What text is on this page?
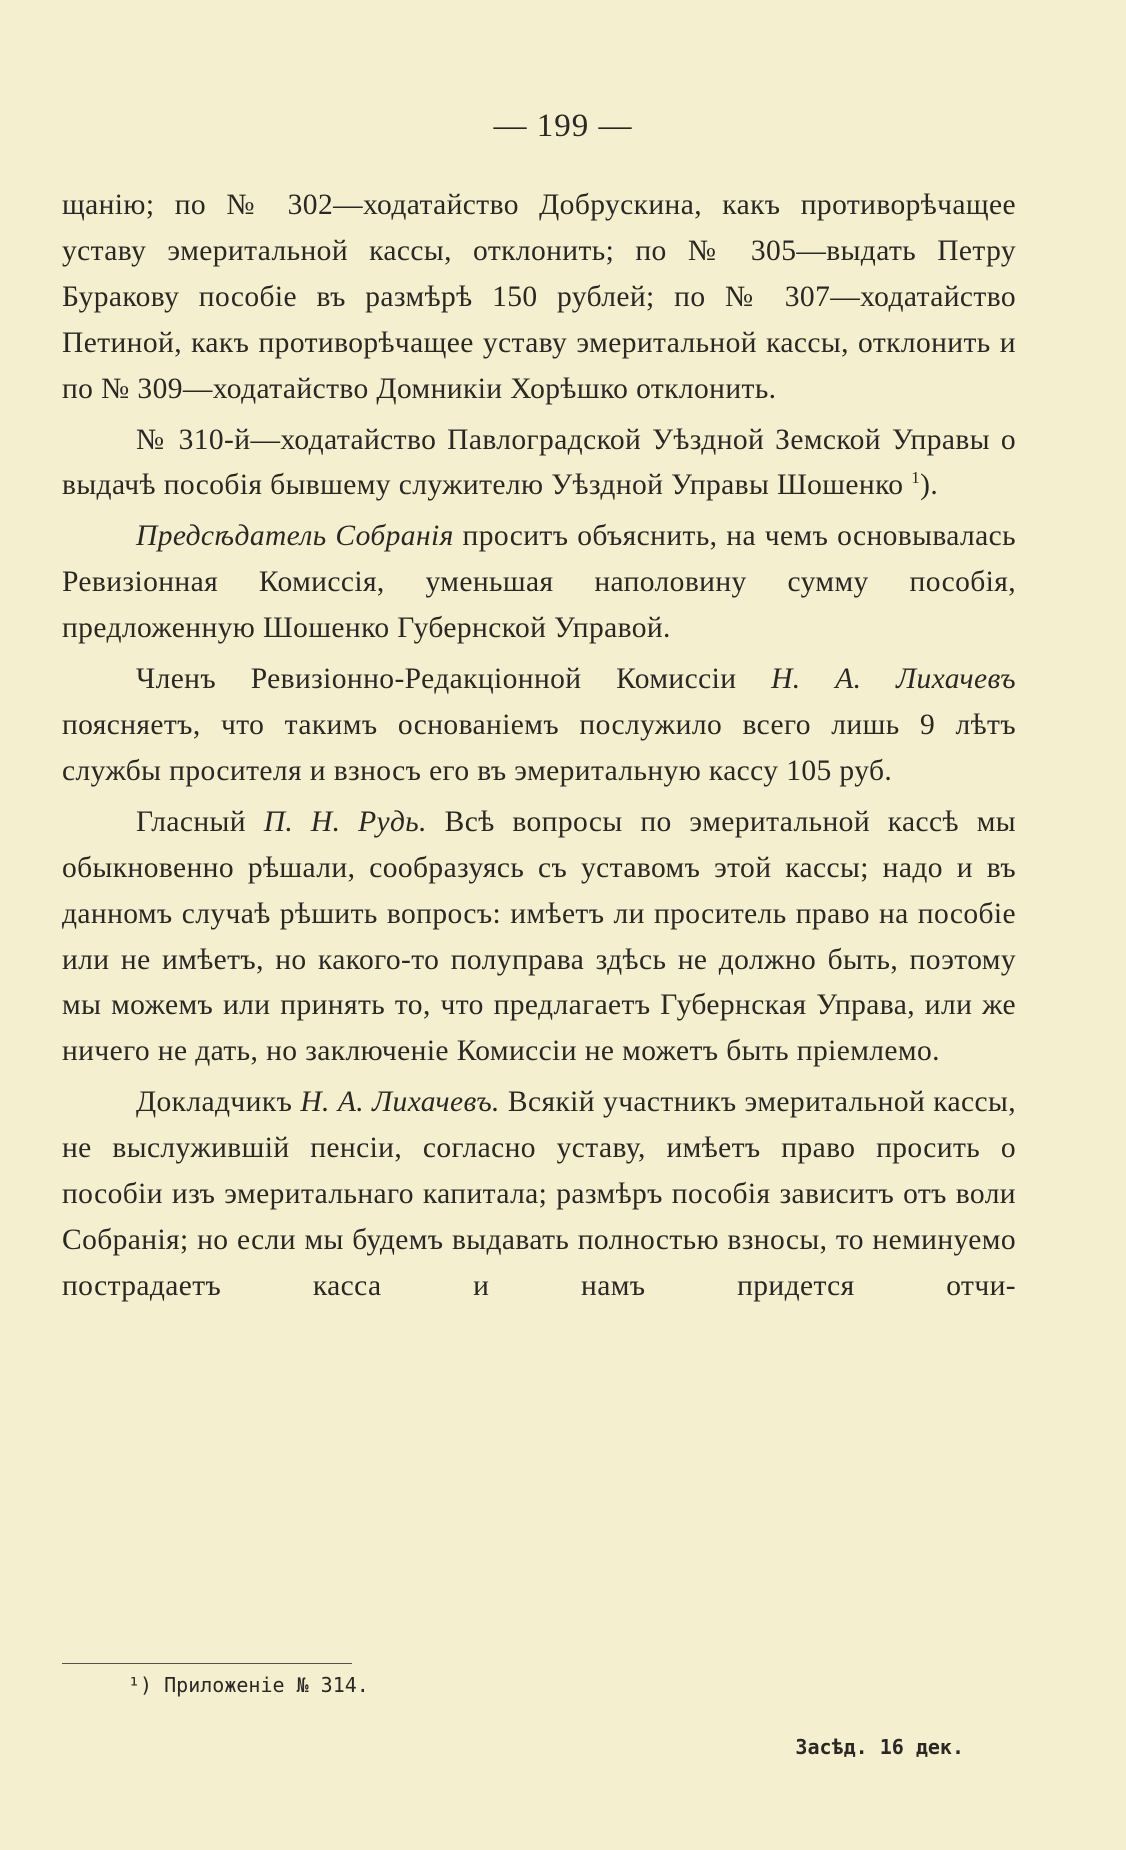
— 199 —

щанію; по № 302—ходатайство Добрускина, какъ противорѣчащее уставу эмеритальной кассы, отклонить; по № 305—выдать Петру Буракову пособіе въ размѣрѣ 150 рублей; по № 307—ходатайство Петиной, какъ противорѣчащее уставу эмеритальной кассы, отклонить и по № 309—ходатайство Домникіи Хорѣшко отклонить.

№ 310-й—ходатайство Павлоградской Уѣздной Земской Управы о выдачѣ пособія бывшему служителю Уѣздной Управы Шошенко $^1$).

Предсѣдатель Собранія проситъ объяснить, на чемъ основывалась Ревизіонная Комиссія, уменьшая наполовину сумму пособія, предложенную Шошенко Губернской Управой.

Членъ Ревизіонно-Редакціонной Комиссіи Н. А. Лихачевъ поясняетъ, что такимъ основаніемъ послужило всего лишь 9 лѣтъ службы просителя и взносъ его въ эмеритальную кассу 105 руб.

Гласный П. Н. Рудь. Всѣ вопросы по эмеритальной кассѣ мы обыкновенно рѣшали, сообразуясь съ уставомъ этой кассы; надо и въ данномъ случаѣ рѣшить вопросъ: имѣетъ ли проситель право на пособіе или не имѣетъ, но какого-то полуправа здѣсь не должно быть, поэтому мы можемъ или принять то, что предлагаетъ Губернская Управа, или же ничего не дать, но заключеніе Комиссіи не можетъ быть пріемлемо.

Докладчикъ Н. А. Лихачевъ. Всякій участникъ эмеритальной кассы, не выслужившій пенсіи, согласно уставу, имѣетъ право просить о пособіи изъ эмеритальнаго капитала; размѣръ пособія зависитъ отъ воли Собранія; но если мы будемъ выдавать полностью взносы, то неминуемо пострадаетъ касса и намъ придется отчи-

¹) Приложеніе № 314.
Засѣд. 16 дек.
